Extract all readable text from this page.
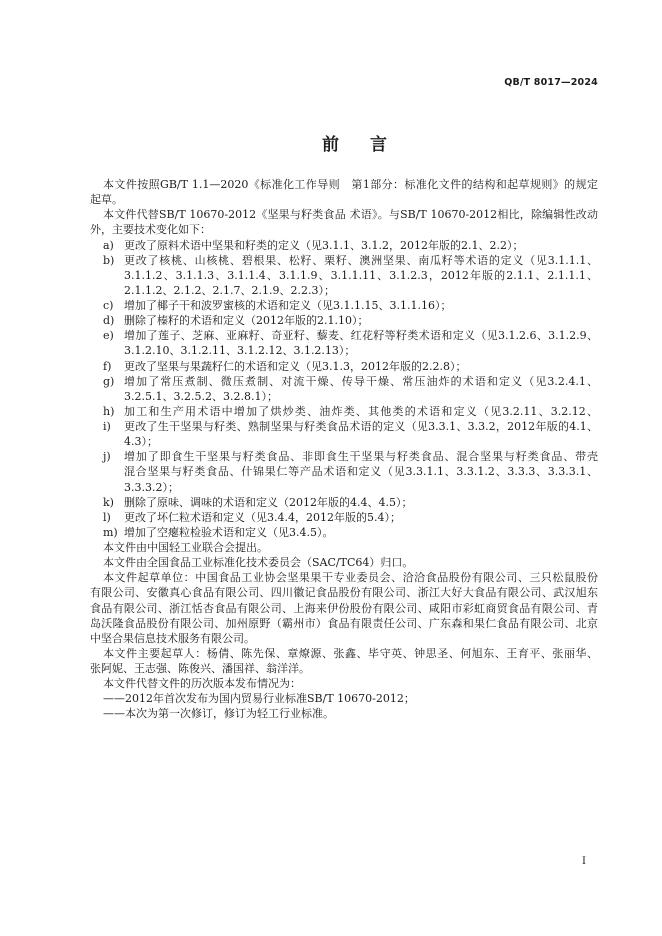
QB/T 8017—2024
前　言
本文件按照GB/T 1.1—2020《标准化工作导则　第1部分：标准化文件的结构和起草规则》的规定
起草。
本文件代替SB/T 10670-2012《坚果与籽类食品 术语》。与SB/T 10670-2012相比，除编辑性改动
外，主要技术变化如下：
a) 更改了原料术语中坚果和籽类的定义（见3.1.1、3.1.2，2012年版的2.1、2.2）；
b) 更改了核桃、山核桃、碧根果、松籽、栗籽、澳洲坚果、南瓜籽等术语的定义（见3.1.1.1、
3.1.1.2、3.1.1.3、3.1.1.4、3.1.1.9、3.1.1.11、3.1.2.3，2012年版的2.1.1、2.1.1.1、
2.1.1.2、2.1.2、2.1.7、2.1.9、2.2.3）；
c) 增加了椰子干和波罗蜜核的术语和定义（见3.1.1.15、3.1.1.16）；
d) 删除了榛籽的术语和定义（2012年版的2.1.10）；
e) 增加了莲子、芝麻、亚麻籽、奇亚籽、藜麦、红花籽等籽类术语和定义（见3.1.2.6、3.1.2.9、
3.1.2.10、3.1.2.11、3.1.2.12、3.1.2.13）；
f) 更改了坚果与果蔬籽仁的术语和定义（见3.1.3，2012年版的2.2.8）；
g) 增加了常压煮制、微压煮制、对流干燥、传导干燥、常压油炸的术语和定义（见3.2.4.1、
3.2.5.1、3.2.5.2、3.2.8.1）；
h) 加工和生产用术语中增加了烘炒类、油炸类、其他类的术语和定义（见3.2.11、3.2.12、
i) 更改了生干坚果与籽类、熟制坚果与籽类食品术语的定义（见3.3.1、3.3.2，2012年版的4.1、
4.3）；
j) 增加了即食生干坚果与籽类食品、非即食生干坚果与籽类食品、混合坚果与籽类食品、带壳
混合坚果与籽类食品、什锦果仁等产品术语和定义（见3.3.1.1、3.3.1.2、3.3.3、3.3.3.1、
3.3.3.2）；
k) 删除了原味、调味的术语和定义（2012年版的4.4、4.5）；
l) 更改了坏仁粒术语和定义（见3.4.4，2012年版的5.4）；
m) 增加了空瘪粒检验术语和定义（见3.4.5）。
本文件由中国轻工业联合会提出。
本文件由全国食品工业标准化技术委员会（SAC/TC64）归口。
本文件起草单位：中国食品工业协会坚果果干专业委员会、洽洽食品股份有限公司、三只松鼠股份
有限公司、安徽真心食品有限公司、四川徽记食品股份有限公司、浙江大好大食品有限公司、武汉旭东
食品有限公司、浙江恬杏食品有限公司、上海来伊份股份有限公司、咸阳市彩虹商贸食品有限公司、青
岛沃隆食品股份有限公司、加州原野（霸州市）食品有限责任公司、广东森和果仁食品有限公司、北京
中坚合果信息技术服务有限公司。
本文件主要起草人：杨倩、陈先保、章燎源、张鑫、毕守英、钟思圣、何旭东、王育平、张丽华、
张阿妮、王志强、陈俊兴、潘国祥、翁洋洋。
本文件代替文件的历次版本发布情况为：
——2012年首次发布为国内贸易行业标准SB/T 10670-2012；
——本次为第一次修订，修订为轻工行业标准。
I
